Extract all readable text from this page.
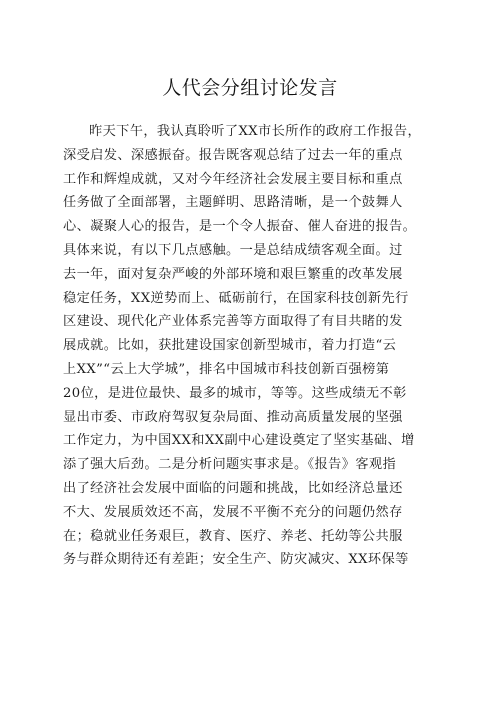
人代会分组讨论发言
昨天下午，我认真聆听了XX市长所作的政府工作报告，
深受启发、深感振奋。报告既客观总结了过去一年的重点
工作和辉煌成就，又对今年经济社会发展主要目标和重点
任务做了全面部署，主题鲜明、思路清晰，是一个鼓舞人
心、凝聚人心的报告，是一个令人振奋、催人奋进的报告。
具体来说，有以下几点感触。一是总结成绩客观全面。过
去一年，面对复杂严峻的外部环境和艰巨繁重的改革发展
稳定任务，XX逆势而上、砥砺前行，在国家科技创新先行
区建设、现代化产业体系完善等方面取得了有目共睹的发
展成就。比如，获批建设国家创新型城市，着力打造“云
上XX”“云上大学城”，排名中国城市科技创新百强榜第
20位，是进位最快、最多的城市，等等。这些成绩无不彰
显出市委、市政府驾驭复杂局面、推动高质量发展的坚强
工作定力，为中国XX和XX副中心建设奠定了坚实基础、增
添了强大后劲。二是分析问题实事求是。《报告》客观指
出了经济社会发展中面临的问题和挑战，比如经济总量还
不大、发展质效还不高，发展不平衡不充分的问题仍然存
在；稳就业任务艰巨，教育、医疗、养老、托幼等公共服
务与群众期待还有差距；安全生产、防灾减灾、XX环保等
